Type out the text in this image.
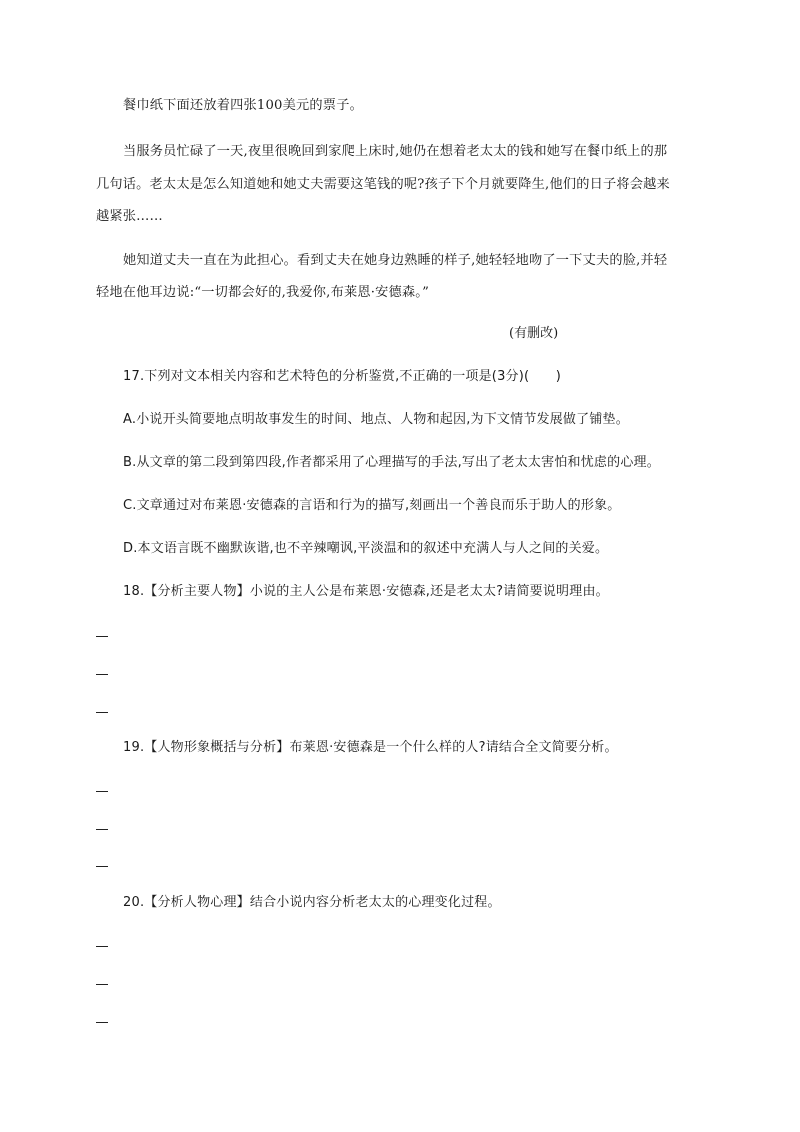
餐巾纸下面还放着四张100美元的票子。
当服务员忙碌了一天,夜里很晚回到家爬上床时,她仍在想着老太太的钱和她写在餐巾纸上的那
几句话。老太太是怎么知道她和她丈夫需要这笔钱的呢?孩子下个月就要降生,他们的日子将会越来
越紧张……
她知道丈夫一直在为此担心。看到丈夫在她身边熟睡的样子,她轻轻地吻了一下丈夫的脸,并轻
轻地在他耳边说:“一切都会好的,我爱你,布莱恩·安德森。”
(有删改)
17.下列对文本相关内容和艺术特色的分析鉴赏,不正确的一项是(3分)(　　)
A.小说开头简要地点明故事发生的时间、地点、人物和起因,为下文情节发展做了铺垫。
B.从文章的第二段到第四段,作者都采用了心理描写的手法,写出了老太太害怕和忧虑的心理。
C.文章通过对布莱恩·安德森的言语和行为的描写,刻画出一个善良而乐于助人的形象。
D.本文语言既不幽默诙谐,也不辛辣嘲讽,平淡温和的叙述中充满人与人之间的关爱。
18.【分析主要人物】小说的主人公是布莱恩·安德森,还是老太太?请简要说明理由。
19.【人物形象概括与分析】布莱恩·安德森是一个什么样的人?请结合全文简要分析。
20.【分析人物心理】结合小说内容分析老太太的心理变化过程。
